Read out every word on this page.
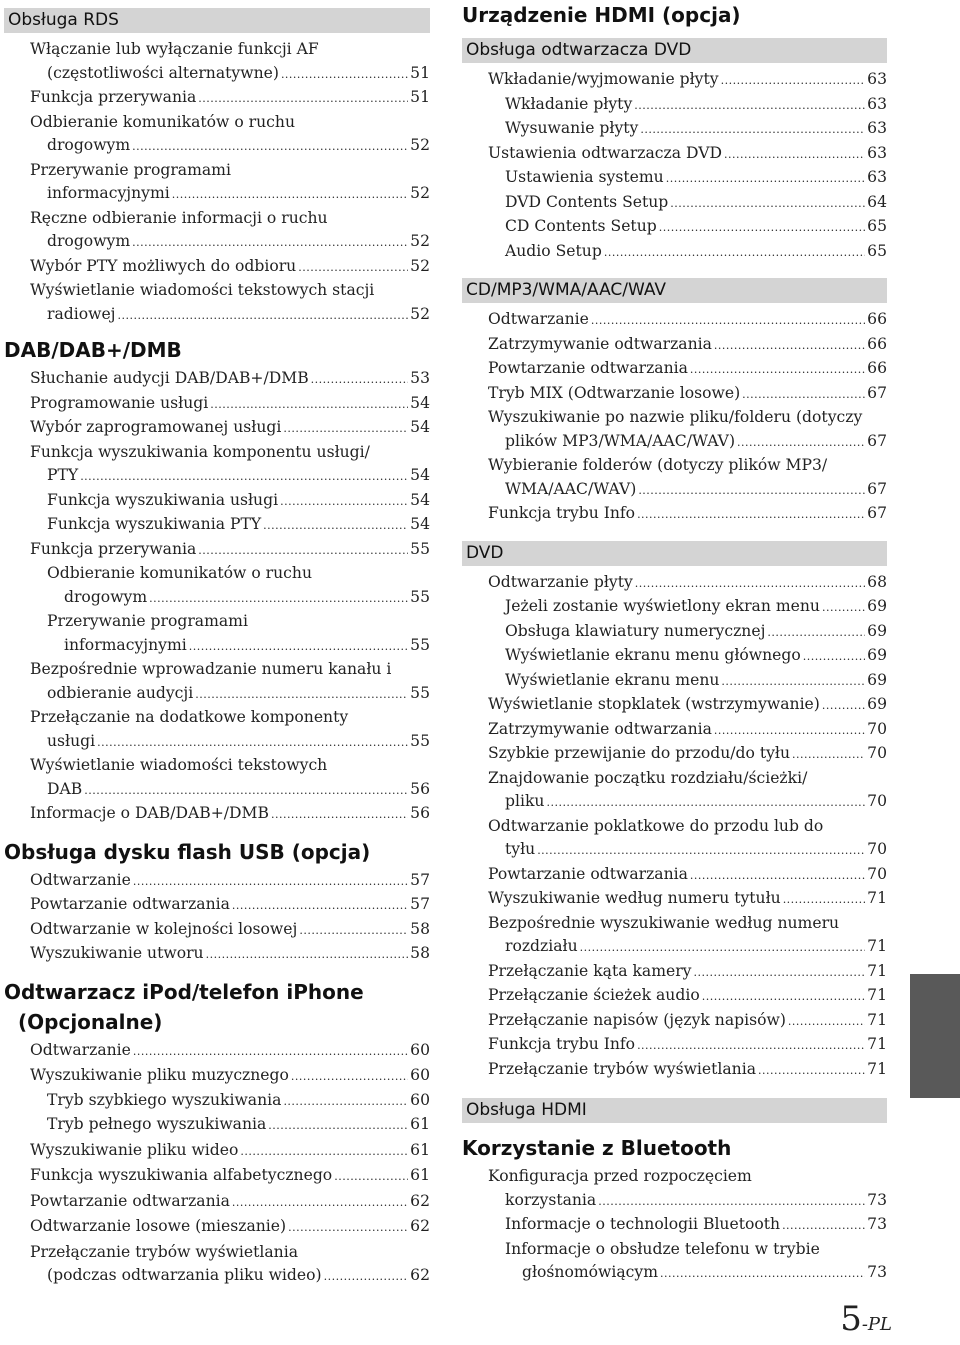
Obsługa RDS
Włączanie lub wyłączanie funkcji AF
(częstotliwości alternatywne) .....	51
Funkcja przerywania .....	51
Odbieranie komunikatów o ruchu
drogowym .....	52
Przerywanie programami
informacyjnymi .....	52
Ręczne odbieranie informacji o ruchu
drogowym .....	52
Wybór PTY możliwych do odbioru .....	52
Wyświetlanie wiadomości tekstowych stacji
radiowej .....	52
DAB/DAB+/DMB
Słuchanie audycji DAB/DAB+/DMB .....	53
Programowanie usługi .....	54
Wybór zaprogramowanej usługi .....	54
Funkcja wyszukiwania komponentu usługi/
PTY .....	54
Funkcja wyszukiwania usługi .....	54
Funkcja wyszukiwania PTY .....	54
Funkcja przerywania .....	55
Odbieranie komunikatów o ruchu
drogowym .....	55
Przerywanie programami
informacyjnymi .....	55
Bezpośrednie wprowadzanie numeru kanału i
odbieranie audycji .....	55
Przełączanie na dodatkowe komponenty
usługi .....	55
Wyświetlanie wiadomości tekstowych
DAB .....	56
Informacje o DAB/DAB+/DMB .....	56
Obsługa dysku flash USB (opcja)
Odtwarzanie .....	57
Powtarzanie odtwarzania .....	57
Odtwarzanie w kolejności losowej .....	58
Wyszukiwanie utworu .....	58
Odtwarzacz iPod/telefon iPhone
(Opcjonalne)
Odtwarzanie .....	60
Wyszukiwanie pliku muzycznego .....	60
Tryb szybkiego wyszukiwania .....	60
Tryb pełnego wyszukiwania .....	61
Wyszukiwanie pliku wideo .....	61
Funkcja wyszukiwania alfabetycznego .....	61
Powtarzanie odtwarzania .....	62
Odtwarzanie losowe (mieszanie) .....	62
Przełączanie trybów wyświetlania
(podczas odtwarzania pliku wideo) .....	62
Urządzenie HDMI (opcja)
Obsługa odtwarzacza DVD
Wkładanie/wyjmowanie płyty .....	63
Wkładanie płyty .....	63
Wysuwanie płyty .....	63
Ustawienia odtwarzacza DVD .....	63
Ustawienia systemu .....	63
DVD Contents Setup .....	64
CD Contents Setup .....	65
Audio Setup .....	65
CD/MP3/WMA/AAC/WAV
Odtwarzanie .....	66
Zatrzymywanie odtwarzania .....	66
Powtarzanie odtwarzania .....	66
Tryb MIX (Odtwarzanie losowe) .....	67
Wyszukiwanie po nazwie pliku/folderu (dotyczy
plików MP3/WMA/AAC/WAV) .....	67
Wybieranie folderów (dotyczy plików MP3/
WMA/AAC/WAV) .....	67
Funkcja trybu Info .....	67
DVD
Odtwarzanie płyty .....	68
Jeżeli zostanie wyświetlony ekran menu .....	69
Obsługa klawiatury numerycznej .....	69
Wyświetlanie ekranu menu głównego .....	69
Wyświetlanie ekranu menu .....	69
Wyświetlanie stopklatek (wstrzymywanie) .....	69
Zatrzymywanie odtwarzania .....	70
Szybkie przewijanie do przodu/do tyłu .....	70
Znajdowanie początku rozdziału/ścieżki/
pliku .....	70
Odtwarzanie poklatkowe do przodu lub do
tyłu .....	70
Powtarzanie odtwarzania .....	70
Wyszukiwanie według numeru tytułu .....	71
Bezpośrednie wyszukiwanie według numeru
rozdziału .....	71
Przełączanie kąta kamery .....	71
Przełączanie ścieżek audio .....	71
Przełączanie napisów (język napisów) .....	71
Funkcja trybu Info .....	71
Przełączanie trybów wyświetlania .....	71
Obsługa HDMI
Korzystanie z Bluetooth
Konfiguracja przed rozpoczęciem
korzystania .....	73
Informacje o technologii Bluetooth .....	73
Informacje o obsłudze telefonu w trybie
głośnomówiącym .....	73
5-PL
